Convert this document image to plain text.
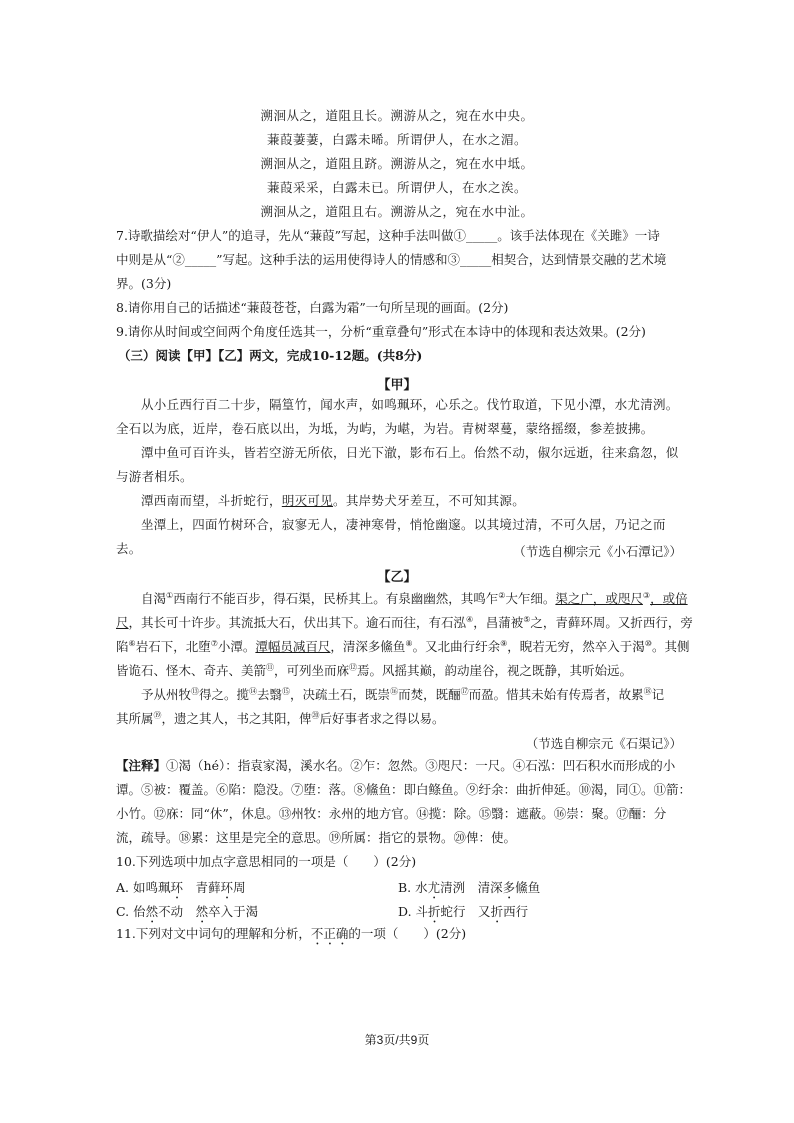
溯洄从之，道阻且长。溯游从之，宛在水中央。
蒹葭萋萋，白露未晞。所谓伊人，在水之湄。
溯洄从之，道阻且跻。溯游从之，宛在水中坻。
蒹葭采采，白露未已。所谓伊人，在水之涘。
溯洄从之，道阻且右。溯游从之，宛在水中沚。
7.诗歌描绘对“伊人”的追寻，先从“蒹葭”写起，这种手法叫做①_____。该手法体现在《关雎》一诗
中则是从“②_____”写起。这种手法的运用使得诗人的情感和③_____相契合，达到情景交融的艺术境
界。(3分)
8.请你用自己的话描述“蒹葭苍苍，白露为霜”一句所呈现的画面。(2分)
9.请你从时间或空间两个角度任选其一，分析“重章叠句”形式在本诗中的体现和表达效果。(2分)
（三）阅读【甲】【乙】两文，完成10-12题。(共8分)
【甲】
从小丘西行百二十步，隔篁竹，闻水声，如鸣珮环，心乐之。伐竹取道，下见小潭，水尤清洌。全石以为底，近岸，卷石底以出，为坻，为屿，为嵁，为岩。青树翠蔓，蒙络摇缀，参差披拂。
潭中鱼可百许头，皆若空游无所依，日光下澈，影布石上。佁然不动，俶尔远逝，往来翕忽，似与游者相乐。
潭西南而望，斗折蛇行，明灭可见。其岸势犬牙差互，不可知其源。
坐潭上，四面竹树环合，寂寥无人，凄神寒骨，悄怆幽邃。以其境过清，不可久居，乃记之而去。	（节选自柳宗元《小石潭记》）
【乙】
自渴①西南行不能百步，得石渠，民桥其上。有泉幽幽然，其鸣乍②大乍细。渠之广，或咫尺③，或倍
尺，其长可十许步。其流抵大石，伏出其下。逾石而往，有石泓④，昌蒲被⑤之，青藓环周。又折西行，旁
陷⑥岩石下，北堕⑦小潭。潭幅员减百尺，清深多鯈鱼⑧。又北曲行纡余⑨，睨若无穷，然卒入于渴⑩。其侧
皆诡石、怪木、奇卉、美箭⑪，可列坐而庥⑫焉。风摇其巅，韵动崖谷，视之既静，其听始远。
予从州牧⑬得之。揽⑭去翳⑮，决疏土石，既崇⑯而焚，既酾⑰而盈。惜其未始有传焉者，故累⑱记
其所属⑲，遗之其人，书之其阳，俾⑳后好事者求之得以易。
（节选自柳宗元《石渠记》）
【注释】①渴（hé）：指袁家渴，溪水名。②乍：忽然。③咫尺：一尺。④石泓：凹石积水而形成的小
谭。⑤被：覆盖。⑥陷：隐没。⑦堕：落。⑧鯈鱼：即白鲦鱼。⑨纡余：曲折伸延。⑩渴，同①。⑪箭：
小竹。⑫庥：同“休”，休息。⑬州牧：永州的地方官。⑭揽：除。⑮翳：遮蔽。⑯崇：聚。⑰酾：分
流，疏导。⑱累：这里是完全的意思。⑲所属：指它的景物。⑳俾：使。
10.下列选项中加点字意思相同的一项是（　　）(2分)
A. 如鸣珮环　青藓环周	B. 水尤清洌　清深多鯈鱼
C. 佁然不动　然卒入于渴	D. 斗折蛇行　又折西行
11.下列对文中词句的理解和分析，不正确的一项（　　）(2分)
第3页/共9页
